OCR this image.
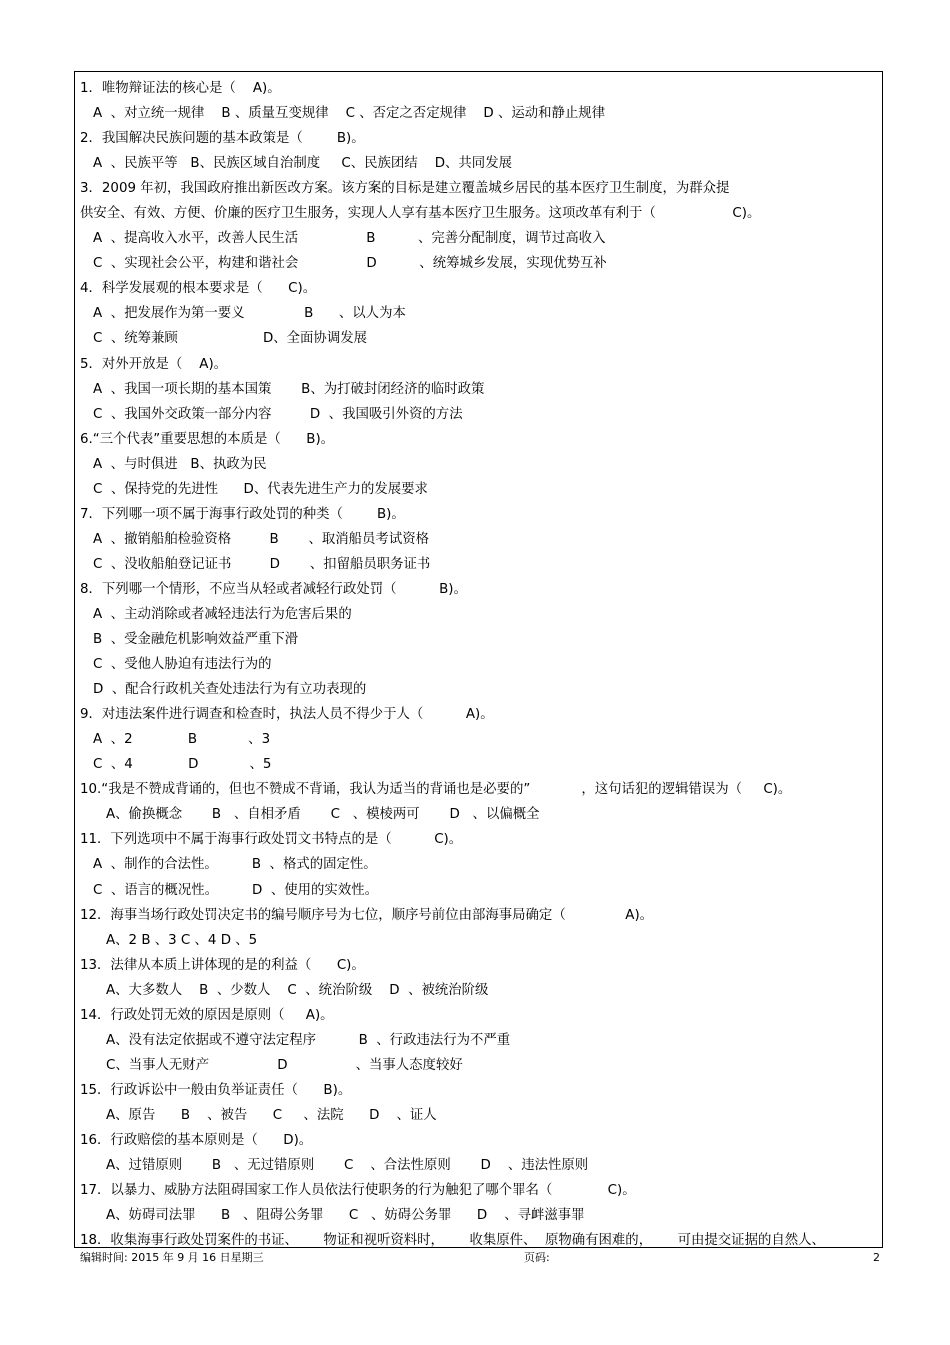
1．唯物辩证法的核心是（    A)。
A  、对立统一规律    B 、质量互变规律    C 、否定之否定规律    D 、运动和静止规律
2．我国解决民族问题的基本政策是（        B)。
A  、民族平等   B、民族区域自治制度     C、民族团结    D、共同发展
3．2009 年初，我国政府推出新医改方案。该方案的目标是建立覆盖城乡居民的基本医疗卫生制度，为群众提
供安全、有效、方便、价廉的医疗卫生服务，实现人人享有基本医疗卫生服务。这项改革有利于（                  C)。
A  、提高收入水平，改善人民生活                B          、完善分配制度，调节过高收入
C  、实现社会公平，构建和谐社会                D          、统筹城乡发展，实现优势互补
4．科学发展观的根本要求是（      C)。
A  、把发展作为第一要义              B      、以人为本
C  、统筹兼顾                    D、全面协调发展
5．对外开放是（    A)。
A  、我国一项长期的基本国策       B、为打破封闭经济的临时政策
C  、我国外交政策一部分内容         D  、我国吸引外资的方法
6.“三个代表”重要思想的本质是（      B)。
A  、与时俱进   B、执政为民
C  、保持党的先进性      D、代表先进生产力的发展要求
7．下列哪一项不属于海事行政处罚的种类（        B)。
A  、撤销船舶检验资格         B       、取消船员考试资格
C  、没收船舶登记证书         D       、扣留船员职务证书
8．下列哪一个情形，不应当从轻或者减轻行政处罚（          B)。
A  、主动消除或者减轻违法行为危害后果的
B  、受金融危机影响效益严重下滑
C  、受他人胁迫有违法行为的
D  、配合行政机关查处违法行为有立功表现的
9．对违法案件进行调查和检查时，执法人员不得少于人（          A)。
A  、2             B            、3
C  、4             D            、5
10.“我是不赞成背诵的，但也不赞成不背诵，我认为适当的背诵也是必要的”            ，这句话犯的逻辑错误为（     C)。
A、偷换概念       B   、自相矛盾       C   、模棱两可       D   、以偏概全
11．下列选项中不属于海事行政处罚文书特点的是（          C)。
A  、制作的合法性。        B  、格式的固定性。
C  、语言的概况性。        D  、使用的实效性。
12．海事当场行政处罚决定书的编号顺序号为七位，顺序号前位由部海事局确定（              A)。
A、2 B 、3 C 、4 D 、5
13．法律从本质上讲体现的是的利益（      C)。
A、大多数人    B  、少数人    C  、统治阶级    D  、被统治阶级
14．行政处罚无效的原因是原则（     A)。
A、没有法定依据或不遵守法定程序          B  、行政违法行为不严重
C、当事人无财产                D                、当事人态度较好
15．行政诉讼中一般由负举证责任（      B)。
A、原告      B    、被告      C     、法院      D    、证人
16．行政赔偿的基本原则是（      D)。
A、过错原则       B   、无过错原则       C    、合法性原则       D    、违法性原则
17．以暴力、威胁方法阻碍国家工作人员依法行使职务的行为触犯了哪个罪名（             C)。
A、妨碍司法罪      B   、阻碍公务罪      C   、妨碍公务罪      D    、寻衅滋事罪
18．收集海事行政处罚案件的书证、      物证和视听资料时，      收集原件、  原物确有困难的，      可由提交证据的自然人、
编辑时间: 2015 年 9 月 16 日星期三	页码:	2
